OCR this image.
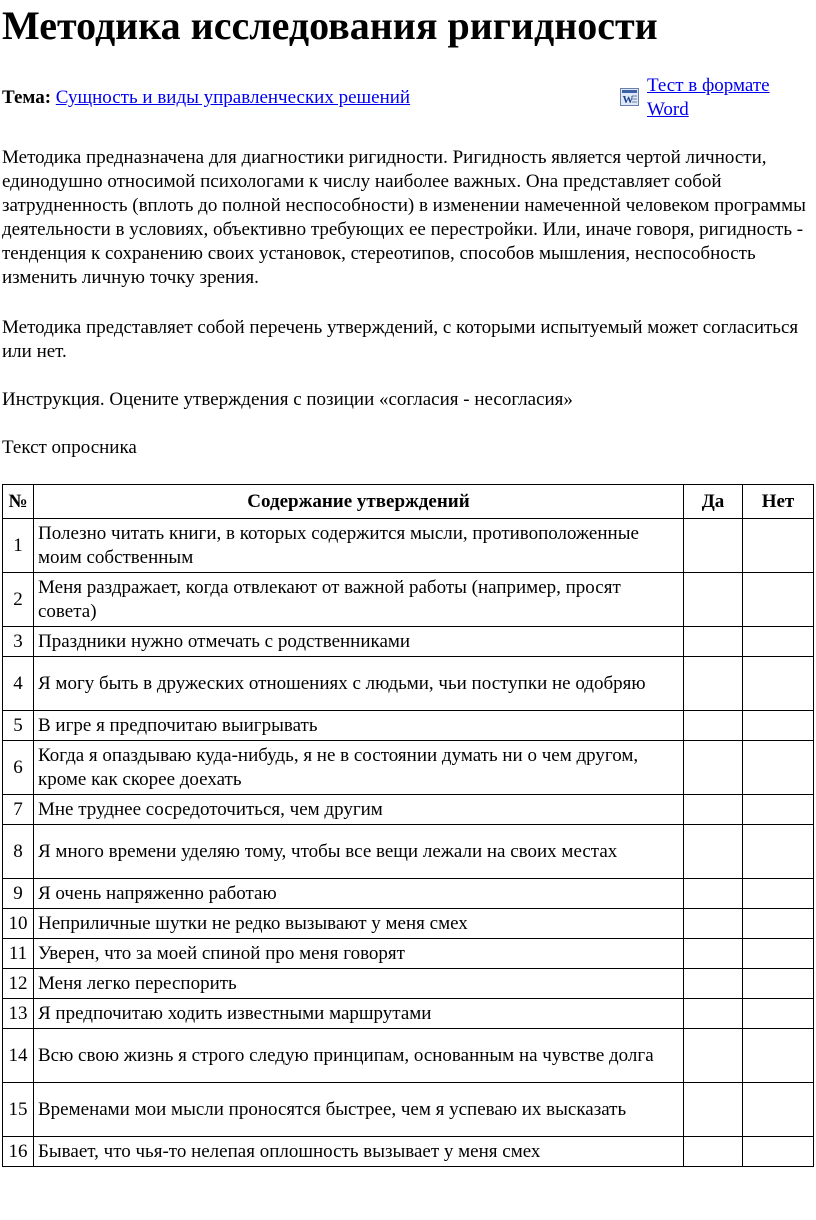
Методика исследования ригидности
Тема: Сущность и виды управленческих решений	W
Тест в формате Word

Методика предназначена для диагностики ригидности. Ригидность является чертой личности, единодушно относимой психологами к числу наиболее важных. Она представляет собой затрудненность (вплоть до полной неспособности) в изменении намеченной человеком программы деятельности в условиях, объективно требующих ее перестройки. Или, иначе говоря, ригидность - тенденция к сохранению своих установок, стереотипов, способов мышления, неспособность изменить личную точку зрения.

Методика представляет собой перечень утверждений, с которыми испытуемый может согласиться или нет.

Инструкция. Оцените утверждения с позиции «согласия - несогласия»

Текст опросника

№	Содержание утверждений	Да	Нет
1	Полезно читать книги, в которых содержится мысли, противоположенные моим собственным		
2	Меня раздражает, когда отвлекают от важной работы (например, просят совета)		
3	Праздники нужно отмечать с родственниками		
4	Я могу быть в дружеских отношениях с людьми, чьи поступки не одобряю		
5	В игре я предпочитаю выигрывать		
6	Когда я опаздываю куда-нибудь, я не в состоянии думать ни о чем другом, кроме как скорее доехать		
7	Мне труднее сосредоточиться, чем другим		
8	Я много времени уделяю тому, чтобы все вещи лежали на своих местах		
9	Я очень напряженно работаю		
10	Неприличные шутки не редко вызывают у меня смех		
11	Уверен, что за моей спиной про меня говорят		
12	Меня легко переспорить		
13	Я предпочитаю ходить известными маршрутами		
14	Всю свою жизнь я строго следую принципам, основанным на чувстве долга		
15	Временами мои мысли проносятся быстрее, чем я успеваю их высказать		
16	Бывает, что чья-то нелепая оплошность вызывает у меня смех		
